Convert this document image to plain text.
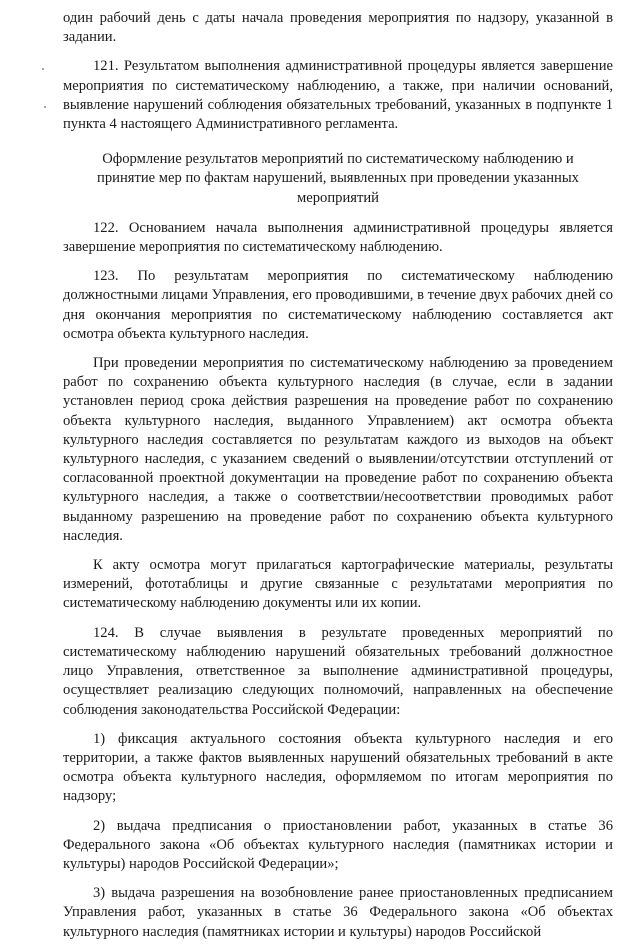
один рабочий день с даты начала проведения мероприятия по надзору, указанной в задании.

121. Результатом выполнения административной процедуры является завершение мероприятия по систематическому наблюдению, а также, при наличии оснований, выявление нарушений соблюдения обязательных требований, указанных в подпункте 1 пункта 4 настоящего Административного регламента.

Оформление результатов мероприятий по систематическому наблюдению и принятие мер по фактам нарушений, выявленных при проведении указанных мероприятий

122. Основанием начала выполнения административной процедуры является завершение мероприятия по систематическому наблюдению.

123. По результатам мероприятия по систематическому наблюдению должностными лицами Управления, его проводившими, в течение двух рабочих дней со дня окончания мероприятия по систематическому наблюдению составляется акт осмотра объекта культурного наследия.

При проведении мероприятия по систематическому наблюдению за проведением работ по сохранению объекта культурного наследия (в случае, если в задании установлен период срока действия разрешения на проведение работ по сохранению объекта культурного наследия, выданного Управлением) акт осмотра объекта культурного наследия составляется по результатам каждого из выходов на объект культурного наследия, с указанием сведений о выявлении/отсутствии отступлений от согласованной проектной документации на проведение работ по сохранению объекта культурного наследия, а также о соответствии/несоответствии проводимых работ выданному разрешению на проведение работ по сохранению объекта культурного наследия.

К акту осмотра могут прилагаться картографические материалы, результаты измерений, фототаблицы и другие связанные с результатами мероприятия по систематическому наблюдению документы или их копии.

124. В случае выявления в результате проведенных мероприятий по систематическому наблюдению нарушений обязательных требований должностное лицо Управления, ответственное за выполнение административной процедуры, осуществляет реализацию следующих полномочий, направленных на обеспечение соблюдения законодательства Российской Федерации:

1) фиксация актуального состояния объекта культурного наследия и его территории, а также фактов выявленных нарушений обязательных требований в акте осмотра объекта культурного наследия, оформляемом по итогам мероприятия по надзору;

2) выдача предписания о приостановлении работ, указанных в статье 36 Федерального закона «Об объектах культурного наследия (памятниках истории и культуры) народов Российской Федерации»;

3) выдача разрешения на возобновление ранее приостановленных предписанием Управления работ, указанных в статье 36 Федерального закона «Об объектах культурного наследия (памятниках истории и культуры) народов Российской
